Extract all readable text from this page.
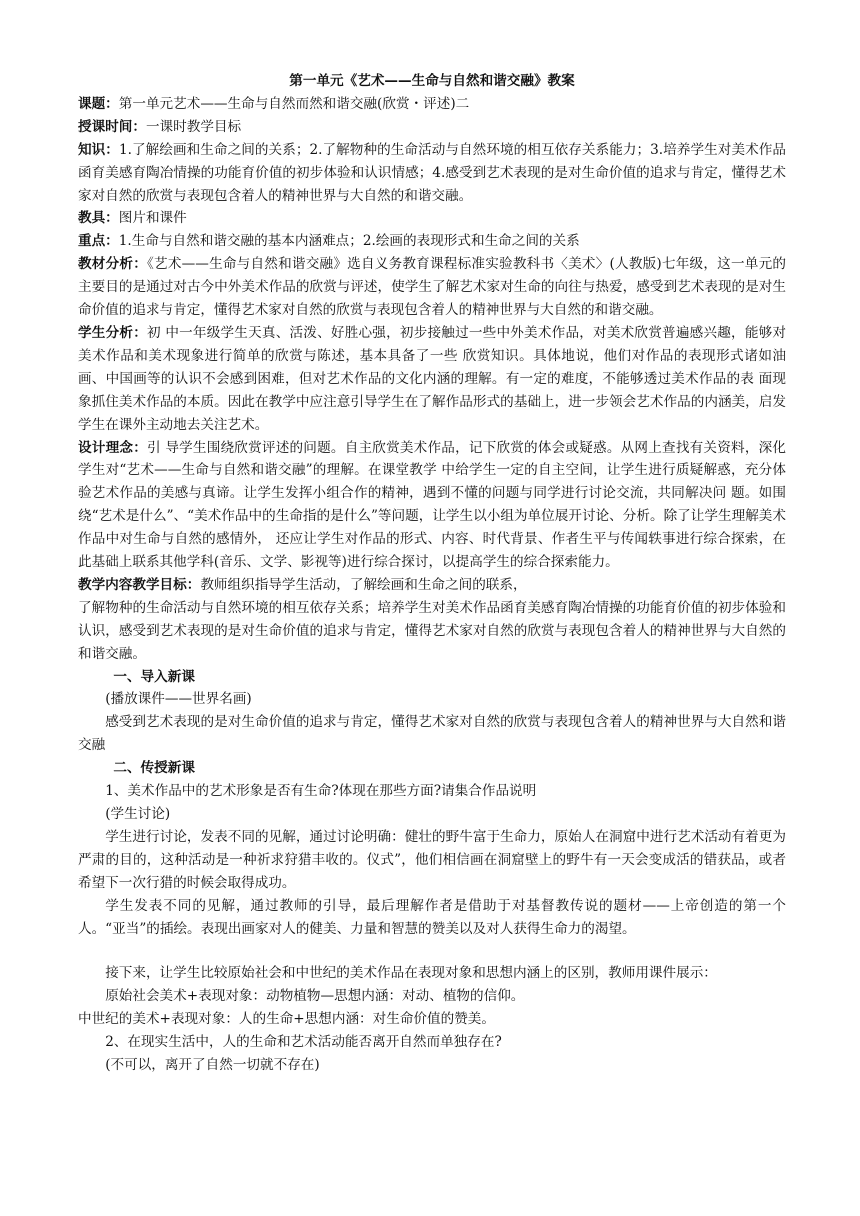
第一单元《艺术——生命与自然和谐交融》教案

课题：第一单元艺术——生命与自然而然和谐交融(欣赏・评述)二

授课时间：一课时教学目标

知识：1.了解绘画和生命之间的关系；2.了解物种的生命活动与自然环境的相互依存关系能力；3.培养学生对美术作品函育美感育陶冶情操的功能育价值的初步体验和认识情感；4.感受到艺术表现的是对生命价值的追求与肯定，懂得艺术家对自然的欣赏与表现包含着人的精神世界与大自然的和谐交融。

教具：图片和课件

重点：1.生命与自然和谐交融的基本内涵难点；2.绘画的表现形式和生命之间的关系

教材分析：《艺术——生命与自然和谐交融》选自义务教育课程标准实验教科书〈美术〉(人教版)七年级，这一单元的主要目的是通过对古今中外美术作品的欣赏与评述，使学生了解艺术家对生命的向往与热爱，感受到艺术表现的是对生命价值的追求与肯定，懂得艺术家对自然的欣赏与表现包含着人的精神世界与大自然的和谐交融。

学生分析：初 中一年级学生天真、活泼、好胜心强，初步接触过一些中外美术作品，对美术欣赏普遍感兴趣，能够对美术作品和美术现象进行简单的欣赏与陈述，基本具备了一些 欣赏知识。具体地说，他们对作品的表现形式诸如油画、中国画等的认识不会感到困难，但对艺术作品的文化内涵的理解。有一定的难度，不能够透过美术作品的表 面现象抓住美术作品的本质。因此在教学中应注意引导学生在了解作品形式的基础上，进一步领会艺术作品的内涵美，启发学生在课外主动地去关注艺术。

设计理念：引 导学生围绕欣赏评述的问题。自主欣赏美术作品，记下欣赏的体会或疑惑。从网上查找有关资料，深化学生对“艺术——生命与自然和谐交融”的理解。在课堂教学 中给学生一定的自主空间，让学生进行质疑解惑，充分体验艺术作品的美感与真谛。让学生发挥小组合作的精神，遇到不懂的问题与同学进行讨论交流，共同解决问 题。如围绕“艺术是什么”、“美术作品中的生命指的是什么”等问题，让学生以小组为单位展开讨论、分析。除了让学生理解美术作品中对生命与自然的感情外， 还应让学生对作品的形式、内容、时代背景、作者生平与传闻轶事进行综合探索，在此基础上联系其他学科(音乐、文学、影视等)进行综合探讨，以提高学生的综合探索能力。

教学内容教学目标：教师组织指导学生活动，了解绘画和生命之间的联系，

了解物种的生命活动与自然环境的相互依存关系；培养学生对美术作品函育美感育陶冶情操的功能育价值的初步体验和认识，感受到艺术表现的是对生命价值的追求与肯定，懂得艺术家对自然的欣赏与表现包含着人的精神世界与大自然的和谐交融。

一、导入新课

(播放课件——世界名画)

感受到艺术表现的是对生命价值的追求与肯定，懂得艺术家对自然的欣赏与表现包含着人的精神世界与大自然和谐交融

二、传授新课

1、美术作品中的艺术形象是否有生命?体现在那些方面?请集合作品说明

(学生讨论)

学生进行讨论，发表不同的见解，通过讨论明确：健壮的野牛富于生命力，原始人在洞窟中进行艺术活动有着更为严肃的目的，这种活动是一种祈求狩猎丰收的。仪式”，他们相信画在洞窟壁上的野牛有一天会变成活的错获品，或者希望下一次行猎的时候会取得成功。

学生发表不同的见解，通过教师的引导，最后理解作者是借助于对基督教传说的题材——上帝创造的第一个人。“亚当”的插绘。表现出画家对人的健美、力量和智慧的赞美以及对人获得生命力的渴望。

接下来，让学生比较原始社会和中世纪的美术作品在表现对象和思想内涵上的区别，教师用课件展示：

原始社会美术+表现对象：动物植物—思想内涵：对动、植物的信仰。

中世纪的美术+表现对象：人的生命+思想内涵：对生命价值的赞美。

2、在现实生活中，人的生命和艺术活动能否离开自然而单独存在?

(不可以，离开了自然一切就不存在)
